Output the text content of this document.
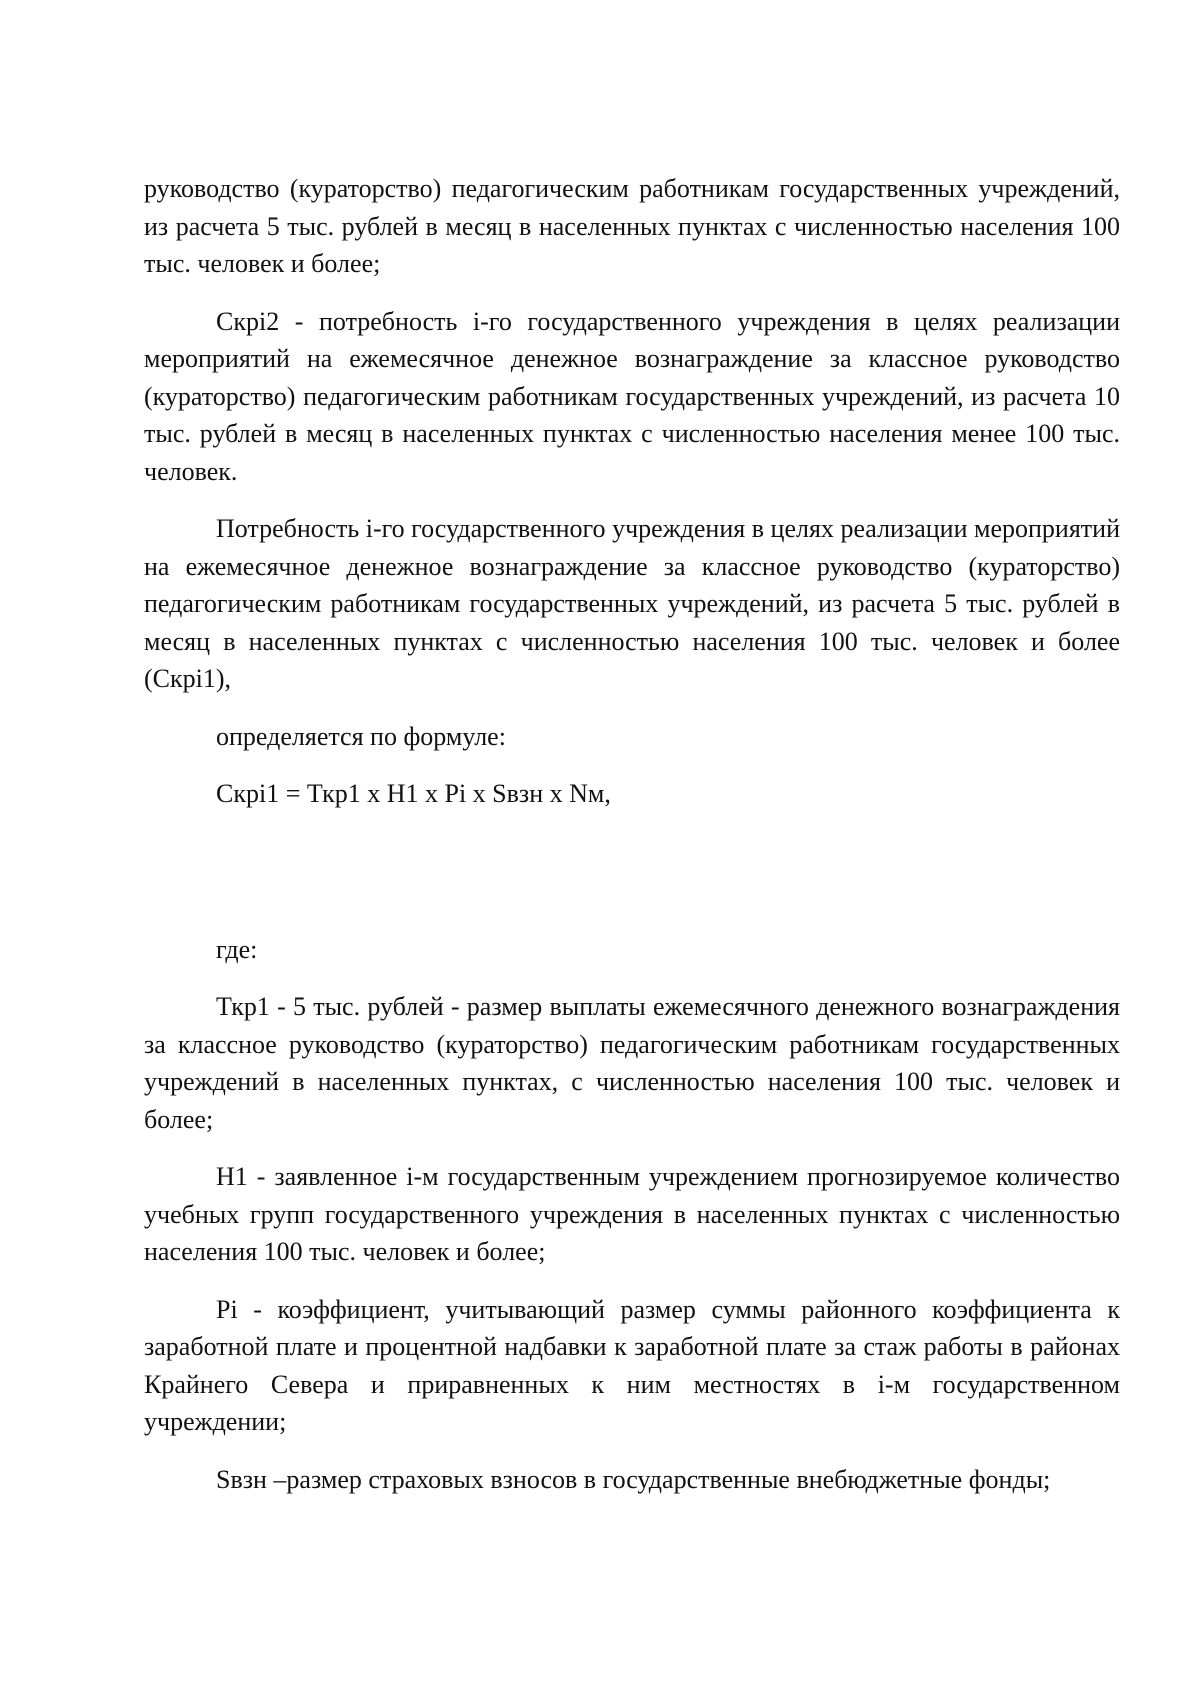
руководство (кураторство) педагогическим работникам государственных учреждений, из расчета 5 тыс. рублей в месяц в населенных пунктах с численностью населения 100 тыс. человек и более;

Скрi2 - потребность i-го государственного учреждения в целях реализации мероприятий на ежемесячное денежное вознаграждение за классное руководство (кураторство) педагогическим работникам государственных учреждений, из расчета 10 тыс. рублей в месяц в населенных пунктах с численностью населения менее 100 тыс. человек.

Потребность i-го государственного учреждения в целях реализации мероприятий на ежемесячное денежное вознаграждение за классное руководство (кураторство) педагогическим работникам государственных учреждений, из расчета 5 тыс. рублей в месяц в населенных пунктах с численностью населения 100 тыс. человек и более (Скрi1),

определяется по формуле:

Скрi1 = Ткр1 x H1 x Pi x Sвзн x Nм,

где:

Ткр1 - 5 тыс. рублей - размер выплаты ежемесячного денежного вознаграждения за классное руководство (кураторство) педагогическим работникам государственных учреждений в населенных пунктах, с численностью населения 100 тыс. человек и более;

H1 - заявленное i-м государственным учреждением прогнозируемое количество учебных групп государственного учреждения в населенных пунктах с численностью населения 100 тыс. человек и более;

Pi - коэффициент, учитывающий размер суммы районного коэффициента к заработной плате и процентной надбавки к заработной плате за стаж работы в районах Крайнего Севера и приравненных к ним местностях в i-м государственном учреждении;

Sвзн –размер страховых взносов в государственные внебюджетные фонды;
